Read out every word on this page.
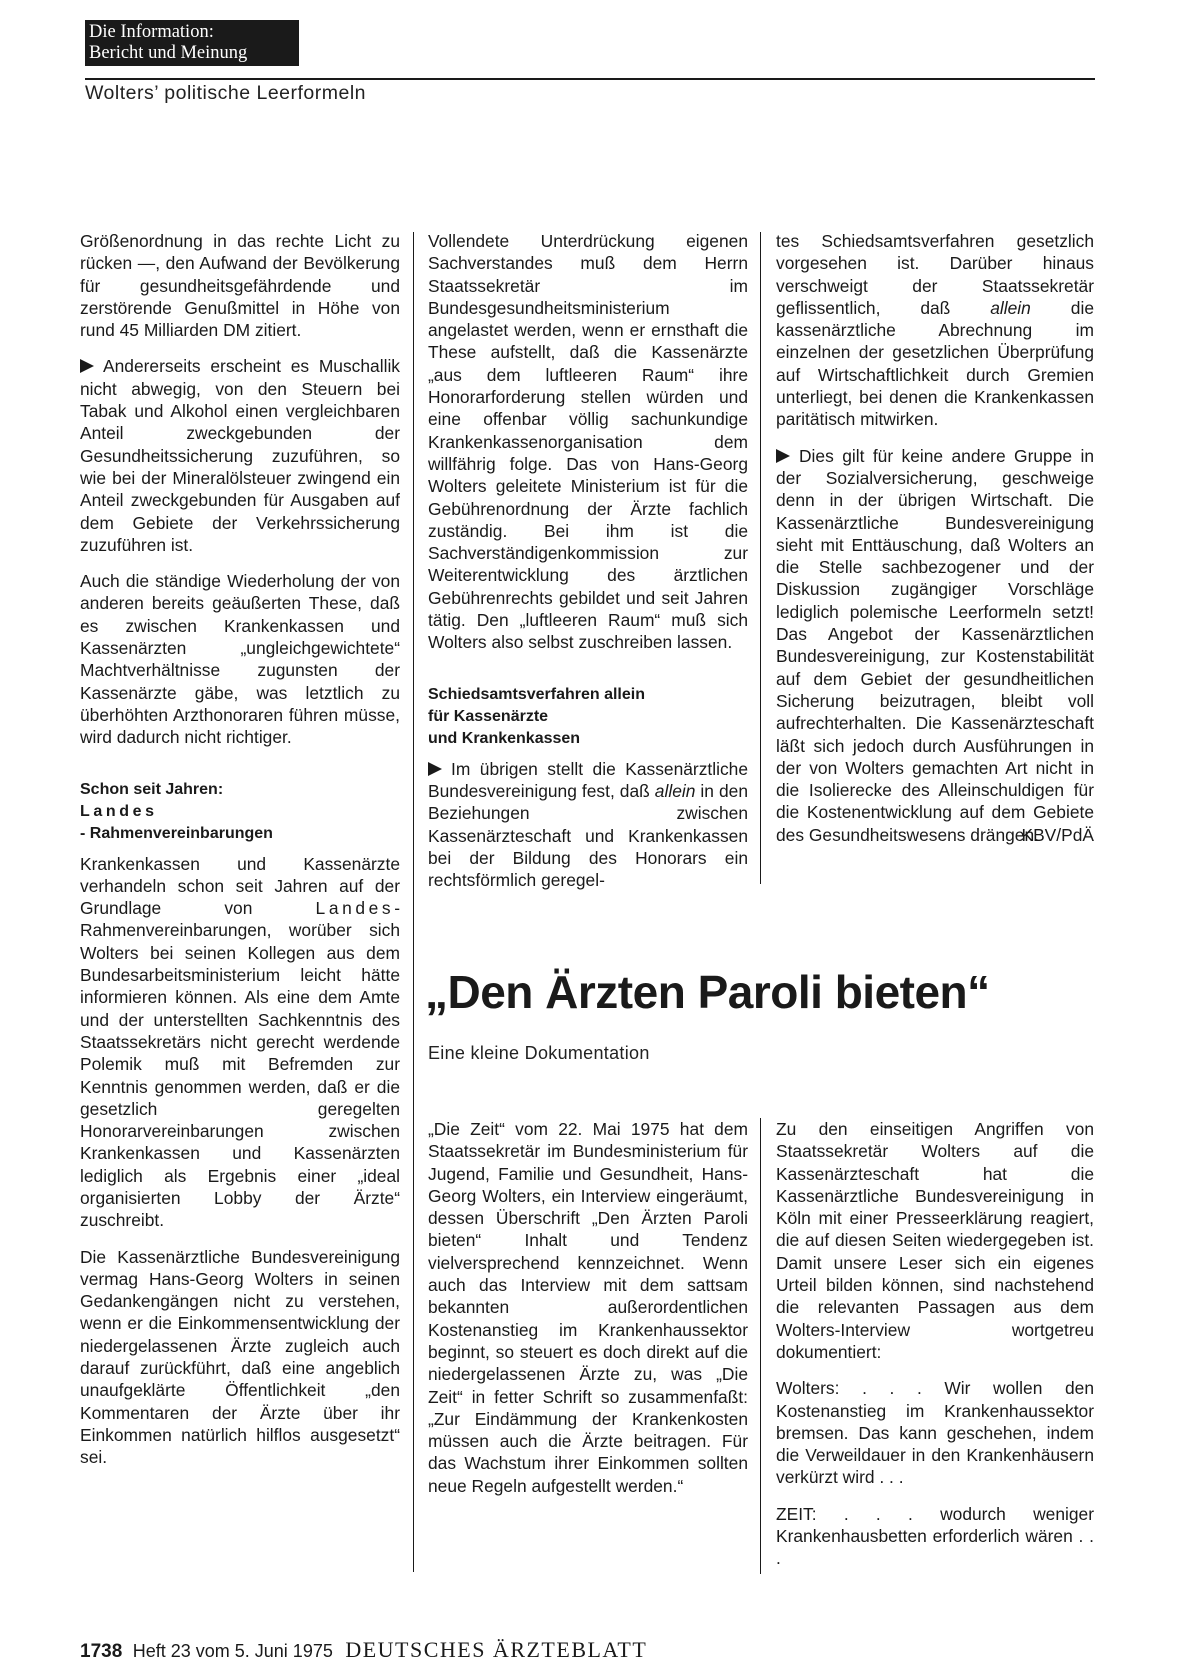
Die Information:
Bericht und Meinung
Wolters’ politische Leerformeln

Größenordnung in das rechte Licht zu rücken —, den Aufwand der Bevölkerung für gesundheitsgefährdende und zerstörende Genußmittel in Höhe von rund 45 Milliarden DM zitiert.

Andererseits erscheint es Muschallik nicht abwegig, von den Steuern bei Tabak und Alkohol einen vergleichbaren Anteil zweckgebunden der Gesundheitssicherung zuzuführen, so wie bei der Mineralölsteuer zwingend ein Anteil zweckgebunden für Ausgaben auf dem Gebiete der Verkehrssicherung zuzuführen ist.

Auch die ständige Wiederholung der von anderen bereits geäußerten These, daß es zwischen Krankenkassen und Kassenärzten „ungleichgewichtete“ Machtverhältnisse zugunsten der Kassenärzte gäbe, was letztlich zu überhöhten Arzthonoraren führen müsse, wird dadurch nicht richtiger.

Schon seit Jahren:
Landes
- Rahmenvereinbarungen

Krankenkassen und Kassenärzte verhandeln schon seit Jahren auf der Grundlage von Landes-Rahmenvereinbarungen, worüber sich Wolters bei seinen Kollegen aus dem Bundesarbeitsministerium leicht hätte informieren können. Als eine dem Amte und der unterstellten Sachkenntnis des Staatssekretärs nicht gerecht werdende Polemik muß mit Befremden zur Kenntnis genommen werden, daß er die gesetzlich geregelten Honorarvereinbarungen zwischen Krankenkassen und Kassenärzten lediglich als Ergebnis einer „ideal organisierten Lobby der Ärzte“ zuschreibt.

Die Kassenärztliche Bundesvereinigung vermag Hans-Georg Wolters in seinen Gedankengängen nicht zu verstehen, wenn er die Einkommensentwicklung der niedergelassenen Ärzte zugleich auch darauf zurückführt, daß eine angeblich unaufgeklärte Öffentlichkeit „den Kommentaren der Ärzte über ihr Einkommen natürlich hilflos ausgesetzt“ sei.

Vollendete Unterdrückung eigenen Sachverstandes muß dem Herrn Staatssekretär im Bundesgesundheitsministerium angelastet werden, wenn er ernsthaft die These aufstellt, daß die Kassenärzte „aus dem luftleeren Raum“ ihre Honorarforderung stellen würden und eine offenbar völlig sachunkundige Krankenkassenorganisation dem willfährig folge. Das von Hans-Georg Wolters geleitete Ministerium ist für die Gebührenordnung der Ärzte fachlich zuständig. Bei ihm ist die Sachverständigenkommission zur Weiterentwicklung des ärztlichen Gebührenrechts gebildet und seit Jahren tätig. Den „luftleeren Raum“ muß sich Wolters also selbst zuschreiben lassen.

Schiedsamtsverfahren allein
für Kassenärzte
und Krankenkassen

Im übrigen stellt die Kassenärztliche Bundesvereinigung fest, daß allein in den Beziehungen zwischen Kassenärzteschaft und Krankenkassen bei der Bildung des Honorars ein rechtsförmlich geregel-

tes Schiedsamtsverfahren gesetzlich vorgesehen ist. Darüber hinaus verschweigt der Staatssekretär geflissentlich, daß allein die kassenärztliche Abrechnung im einzelnen der gesetzlichen Überprüfung auf Wirtschaftlichkeit durch Gremien unterliegt, bei denen die Krankenkassen paritätisch mitwirken.

Dies gilt für keine andere Gruppe in der Sozialversicherung, geschweige denn in der übrigen Wirtschaft. Die Kassenärztliche Bundesvereinigung sieht mit Enttäuschung, daß Wolters an die Stelle sachbezogener und der Diskussion zugängiger Vorschläge lediglich polemische Leerformeln setzt! Das Angebot der Kassenärztlichen Bundesvereinigung, zur Kostenstabilität auf dem Gebiet der gesundheitlichen Sicherung beizutragen, bleibt voll aufrechterhalten. Die Kassenärzteschaft läßt sich jedoch durch Ausführungen in der von Wolters gemachten Art nicht in die Isolierecke des Alleinschuldigen für die Kostenentwicklung auf dem Gebiete des Gesundheitswesens drängen.

KBV/PdÄ
„Den Ärzten Paroli bieten“
Eine kleine Dokumentation

„Die Zeit“ vom 22. Mai 1975 hat dem Staatssekretär im Bundesministerium für Jugend, Familie und Gesundheit, Hans-Georg Wolters, ein Interview eingeräumt, dessen Überschrift „Den Ärzten Paroli bieten“ Inhalt und Tendenz vielversprechend kennzeichnet. Wenn auch das Interview mit dem sattsam bekannten außerordentlichen Kostenanstieg im Krankenhaussektor beginnt, so steuert es doch direkt auf die niedergelassenen Ärzte zu, was „Die Zeit“ in fetter Schrift so zusammenfaßt: „Zur Eindämmung der Krankenkosten müssen auch die Ärzte beitragen. Für das Wachstum ihrer Einkommen sollten neue Regeln aufgestellt werden.“

Zu den einseitigen Angriffen von Staatssekretär Wolters auf die Kassenärzteschaft hat die Kassenärztliche Bundesvereinigung in Köln mit einer Presseerklärung reagiert, die auf diesen Seiten wiedergegeben ist. Damit unsere Leser sich ein eigenes Urteil bilden können, sind nachstehend die relevanten Passagen aus dem Wolters-Interview wortgetreu dokumentiert:

Wolters: . . . Wir wollen den Kostenanstieg im Krankenhaussektor bremsen. Das kann geschehen, indem die Verweildauer in den Krankenhäusern verkürzt wird . . .

ZEIT: . . . wodurch weniger Krankenhausbetten erforderlich wären . . .

1738 Heft 23 vom 5. Juni 1975 DEUTSCHES ÄRZTEBLATT
